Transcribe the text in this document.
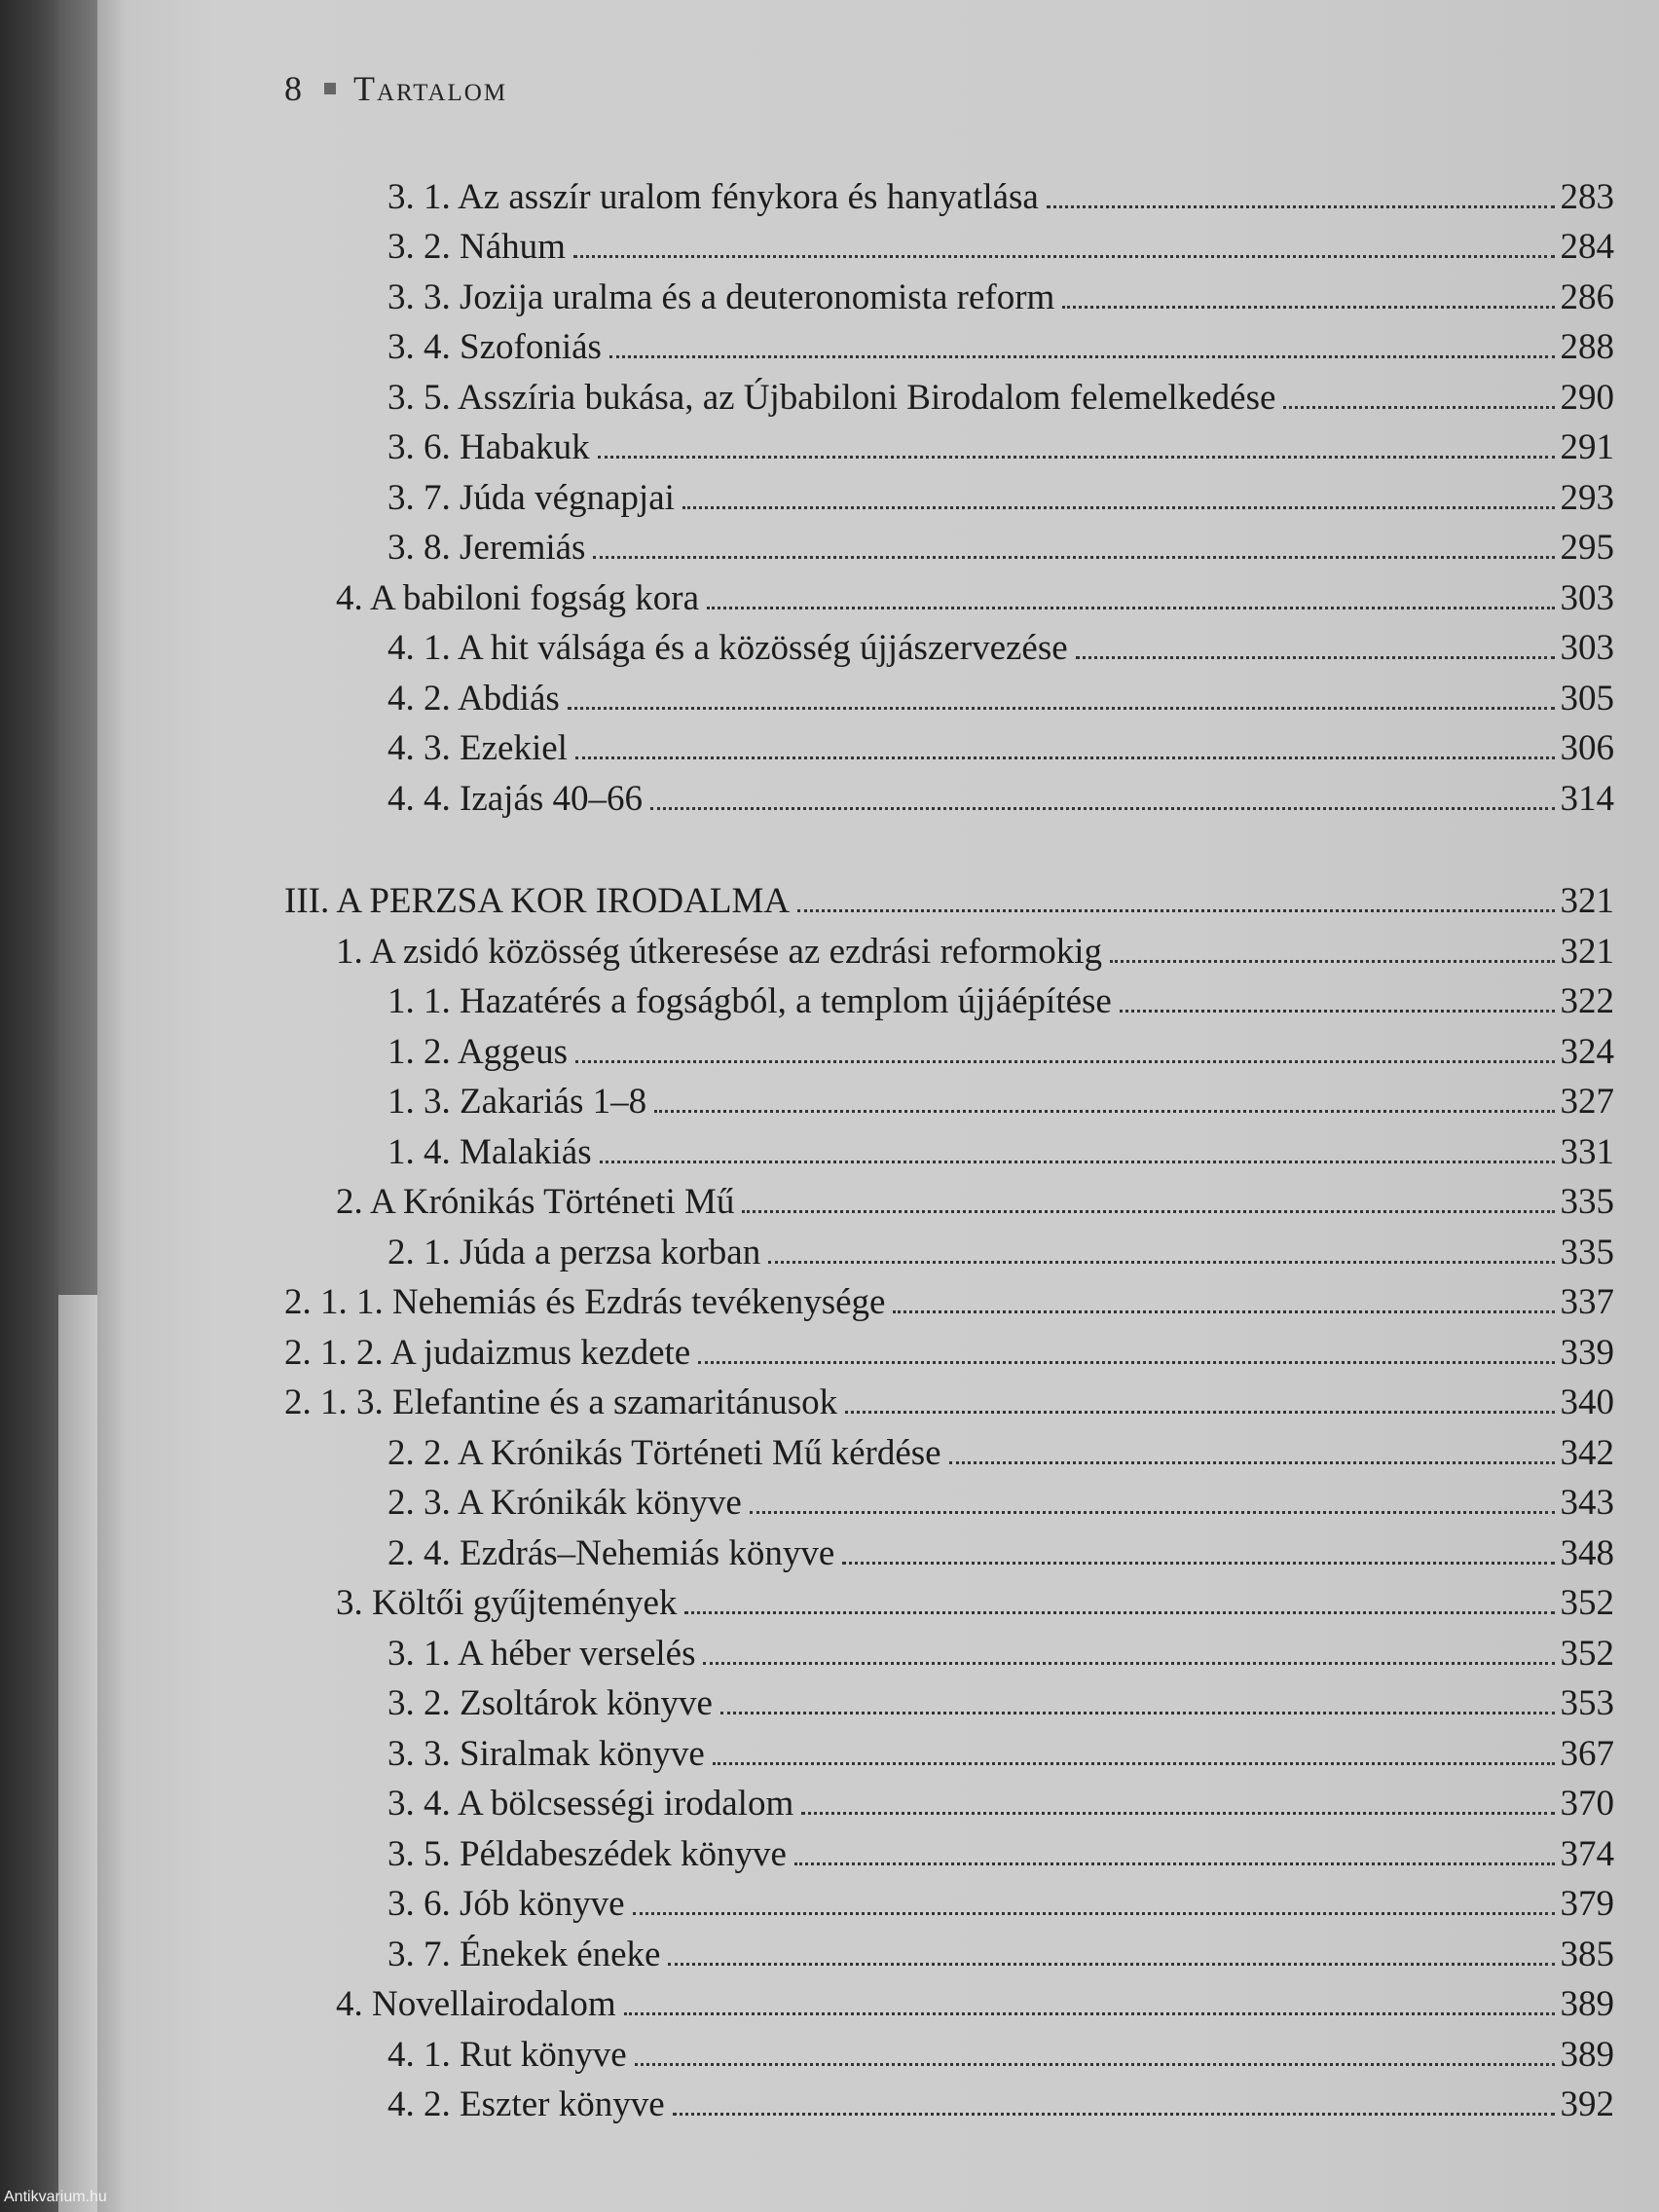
8 Tartalom
3. 1. Az asszír uralom fénykora és hanyatlása	283
3. 2. Náhum	284
3. 3. Jozija uralma és a deuteronomista reform	286
3. 4. Szofoniás	288
3. 5. Asszíria bukása, az Újbabiloni Birodalom felemelkedése	290
3. 6. Habakuk	291
3. 7. Júda végnapjai	293
3. 8. Jeremiás	295
4. A babiloni fogság kora	303
4. 1. A hit válsága és a közösség újjászervezése	303
4. 2. Abdiás	305
4. 3. Ezekiel	306
4. 4. Izajás 40–66	314
III. A PERZSA KOR IRODALMA	321
1. A zsidó közösség útkeresése az ezdrási reformokig	321
1. 1. Hazatérés a fogságból, a templom újjáépítése	322
1. 2. Aggeus	324
1. 3. Zakariás 1–8	327
1. 4. Malakiás	331
2. A Krónikás Történeti Mű	335
2. 1. Júda a perzsa korban	335
2. 1. 1. Nehemiás és Ezdrás tevékenysége	337
2. 1. 2. A judaizmus kezdete	339
2. 1. 3. Elefantine és a szamaritánusok	340
2. 2. A Krónikás Történeti Mű kérdése	342
2. 3. A Krónikák könyve	343
2. 4. Ezdrás–Nehemiás könyve	348
3. Költői gyűjtemények	352
3. 1. A héber verselés	352
3. 2. Zsoltárok könyve	353
3. 3. Siralmak könyve	367
3. 4. A bölcsességi irodalom	370
3. 5. Példabeszédek könyve	374
3. 6. Jób könyve	379
3. 7. Énekek éneke	385
4. Novellairodalom	389
4. 1. Rut könyve	389
4. 2. Eszter könyve	392
Antikvarium.hu
